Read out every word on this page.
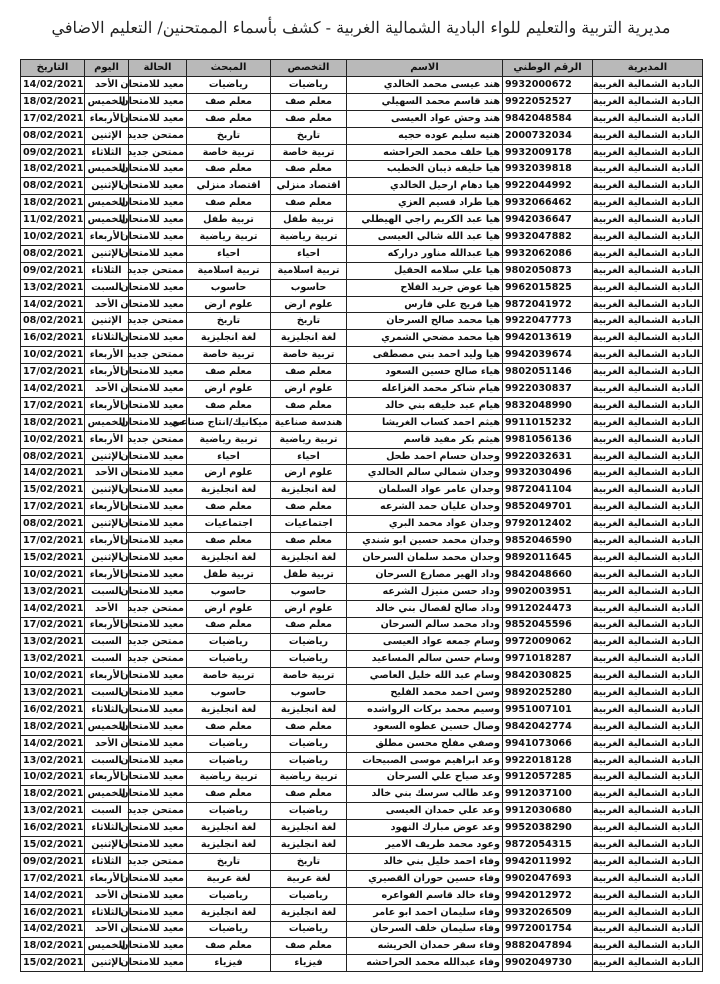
مديرية التربية والتعليم للواء البادية الشمالية الغربية - كشف بأسماء الممتحنين/ التعليم الاضافي
المديرية	الرقم الوطني	الاسم	التخصص	المبحث	الحالة	اليوم	التاريخ
البادية الشمالية الغربية	9932000672	هند عيسى محمد الخالدي	رياضيات	رياضيات	معيد للامتحان	الأحد	14/02/2021
البادية الشمالية الغربية	9922052527	هند قاسم محمد السهيلي	معلم صف	معلم صف	معيد للامتحان	الخميس	18/02/2021
البادية الشمالية الغربية	9842048584	هند وحش عواد العيسى	معلم صف	معلم صف	معيد للامتحان	الأربعاء	17/02/2021
البادية الشمالية الغربية	2000732034	هنيه سليم عوده حجيه	تاريخ	تاريخ	ممتحن جديد	الإثنين	08/02/2021
البادية الشمالية الغربية	9932009178	هيا خلف محمد الحراحشه	تربية خاصة	تربية خاصة	ممتحن جديد	الثلاثاء	09/02/2021
البادية الشمالية الغربية	9932039818	هيا خليفه ذيبان الخطيب	معلم صف	معلم صف	معيد للامتحان	الخميس	18/02/2021
البادية الشمالية الغربية	9922044992	هيا دهام ارحيل الخالدي	اقتصاد منزلي	اقتصاد منزلي	معيد للامتحان	الإثنين	08/02/2021
البادية الشمالية الغربية	9932066462	هيا طراد قسيم العزي	معلم صف	معلم صف	معيد للامتحان	الخميس	18/02/2021
البادية الشمالية الغربية	9942036647	هيا عبد الكريم راجي الهيطلي	تربية طفل	تربية طفل	معيد للامتحان	الخميس	11/02/2021
البادية الشمالية الغربية	9932047882	هيا عبد الله شالي العيسى	تربية رياضية	تربية رياضية	معيد للامتحان	الأربعاء	10/02/2021
البادية الشمالية الغربية	9932062086	هيا عبدالله مناور دراركه	احياء	احياء	معيد للامتحان	الإثنين	08/02/2021
البادية الشمالية الغربية	9802050873	هيا علي سلامه الحقيل	تربية اسلامية	تربية اسلامية	ممتحن جديد	الثلاثاء	09/02/2021
البادية الشمالية الغربية	9962015825	هيا عوض جريد الفلاح	حاسوب	حاسوب	معيد للامتحان	السبت	13/02/2021
البادية الشمالية الغربية	9872041972	هيا فريج علي فارس	علوم ارض	علوم ارض	معيد للامتحان	الأحد	14/02/2021
البادية الشمالية الغربية	9922047773	هيا محمد صالح السرحان	تاريخ	تاريخ	ممتحن جديد	الإثنين	08/02/2021
البادية الشمالية الغربية	9942013619	هيا محمد مضحي الشمري	لغة انجليزية	لغة انجليزية	معيد للامتحان	الثلاثاء	16/02/2021
البادية الشمالية الغربية	9942039674	هيا وليد احمد بني مصطفى	تربية خاصة	تربية خاصة	ممتحن جديد	الأربعاء	10/02/2021
البادية الشمالية الغربية	9802051146	هياء صالح حسين السعود	معلم صف	معلم صف	معيد للامتحان	الأربعاء	17/02/2021
البادية الشمالية الغربية	9922030837	هيام شاكر محمد الغزاعله	علوم ارض	علوم ارض	معيد للامتحان	الأحد	14/02/2021
البادية الشمالية الغربية	9832048990	هيام عبد خليفه بني خالد	معلم صف	معلم صف	معيد للامتحان	الأربعاء	17/02/2021
البادية الشمالية الغربية	9911015232	هيثم احمد كساب الغريشا	هندسة صناعية	ميكانيك/انتاج صناعي	معيد للامتحان	الخميس	18/02/2021
البادية الشمالية الغربية	9981056136	هيثم بكر مفيد قاسم	تربية رياضية	تربية رياضية	ممتحن جديد	الأربعاء	10/02/2021
البادية الشمالية الغربية	9922032631	وجدان حسام احمد طحل	احياء	احياء	معيد للامتحان	الإثنين	08/02/2021
البادية الشمالية الغربية	9932030496	وجدان شمالي سالم الخالدي	علوم ارض	علوم ارض	معيد للامتحان	الأحد	14/02/2021
البادية الشمالية الغربية	9872041104	وجدان عامر عواد السلمان	لغة انجليزية	لغة انجليزية	معيد للامتحان	الإثنين	15/02/2021
البادية الشمالية الغربية	9852049701	وجدان عليان حمد الشرعه	معلم صف	معلم صف	معيد للامتحان	الأربعاء	17/02/2021
البادية الشمالية الغربية	9792012402	وجدان عواد محمد البري	اجتماعيات	اجتماعيات	معيد للامتحان	الإثنين	08/02/2021
البادية الشمالية الغربية	9852046590	وجدان محمد حسين ابو شندي	معلم صف	معلم صف	معيد للامتحان	الأربعاء	17/02/2021
البادية الشمالية الغربية	9892011645	وجدان محمد سلمان السرحان	لغة انجليزية	لغة انجليزية	معيد للامتحان	الإثنين	15/02/2021
البادية الشمالية الغربية	9842048660	وداد الهير مصارع السرحان	تربية طفل	تربية طفل	معيد للامتحان	الأربعاء	10/02/2021
البادية الشمالية الغربية	9902003951	وداد حسن منيزل الشرعه	حاسوب	حاسوب	معيد للامتحان	السبت	13/02/2021
البادية الشمالية الغربية	9912024473	وداد صالح لفصال بني خالد	علوم ارض	علوم ارض	ممتحن جديد	الأحد	14/02/2021
البادية الشمالية الغربية	9852045596	وداد محمد سالم السرحان	معلم صف	معلم صف	معيد للامتحان	الأربعاء	17/02/2021
البادية الشمالية الغربية	9972009062	وسام جمعه عواد العيسى	رياضيات	رياضيات	ممتحن جديد	السبت	13/02/2021
البادية الشمالية الغربية	9971018287	وسام حسن سالم المساعيد	رياضيات	رياضيات	ممتحن جديد	السبت	13/02/2021
البادية الشمالية الغربية	9842030825	وسام عبد الله خليل العاصي	تربية خاصة	تربية خاصة	معيد للامتحان	الأربعاء	10/02/2021
البادية الشمالية الغربية	9892025280	وسن احمد محمد الفليح	حاسوب	حاسوب	معيد للامتحان	السبت	13/02/2021
البادية الشمالية الغربية	9951007101	وسيم محمد بركات الرواشده	لغة انجليزية	لغة انجليزية	معيد للامتحان	الثلاثاء	16/02/2021
البادية الشمالية الغربية	9842042774	وصال حسين عطوه السعود	معلم صف	معلم صف	معيد للامتحان	الخميس	18/02/2021
البادية الشمالية الغربية	9941073066	وصفي مفلح محسن مطلق	رياضيات	رياضيات	معيد للامتحان	الأحد	14/02/2021
البادية الشمالية الغربية	9922018128	وعد ابراهيم موسى الصبيحات	رياضيات	رياضيات	معيد للامتحان	السبت	13/02/2021
البادية الشمالية الغربية	9912057285	وعد صياح علي السرحان	تربية رياضية	تربية رياضية	معيد للامتحان	الأربعاء	10/02/2021
البادية الشمالية الغربية	9912037100	وعد طالب سرسك بني خالد	معلم صف	معلم صف	معيد للامتحان	الخميس	18/02/2021
البادية الشمالية الغربية	9912030680	وعد علي حمدان العيسى	رياضيات	رياضيات	ممتحن جديد	السبت	13/02/2021
البادية الشمالية الغربية	9952038290	وعد عوض مبارك النهود	لغة انجليزية	لغة انجليزية	معيد للامتحان	الثلاثاء	16/02/2021
البادية الشمالية الغربية	9872054315	وعود محمد طريف الامير	لغة انجليزية	لغة انجليزية	معيد للامتحان	الإثنين	15/02/2021
البادية الشمالية الغربية	9942011992	وفاء احمد خليل بني خالد	تاريخ	تاريخ	ممتحن جديد	الثلاثاء	09/02/2021
البادية الشمالية الغربية	9902047693	وفاء حسين حوران القصيري	لغة عربية	لغة عربية	معيد للامتحان	الأربعاء	17/02/2021
البادية الشمالية الغربية	9942012972	وفاء خالد قاسم الفواعره	رياضيات	رياضيات	معيد للامتحان	الأحد	14/02/2021
البادية الشمالية الغربية	9932026509	وفاء سليمان احمد ابو عامر	لغة انجليزية	لغة انجليزية	معيد للامتحان	الثلاثاء	16/02/2021
البادية الشمالية الغربية	9972001754	وفاء سليمان خلف السرحان	رياضيات	رياضيات	معيد للامتحان	الأحد	14/02/2021
البادية الشمالية الغربية	9882047894	وفاء سقر حمدان الخريشه	معلم صف	معلم صف	معيد للامتحان	الخميس	18/02/2021
البادية الشمالية الغربية	9902049730	وفاء عبدالله محمد الحراحشه	فيزياء	فيزياء	معيد للامتحان	الإثنين	15/02/2021
